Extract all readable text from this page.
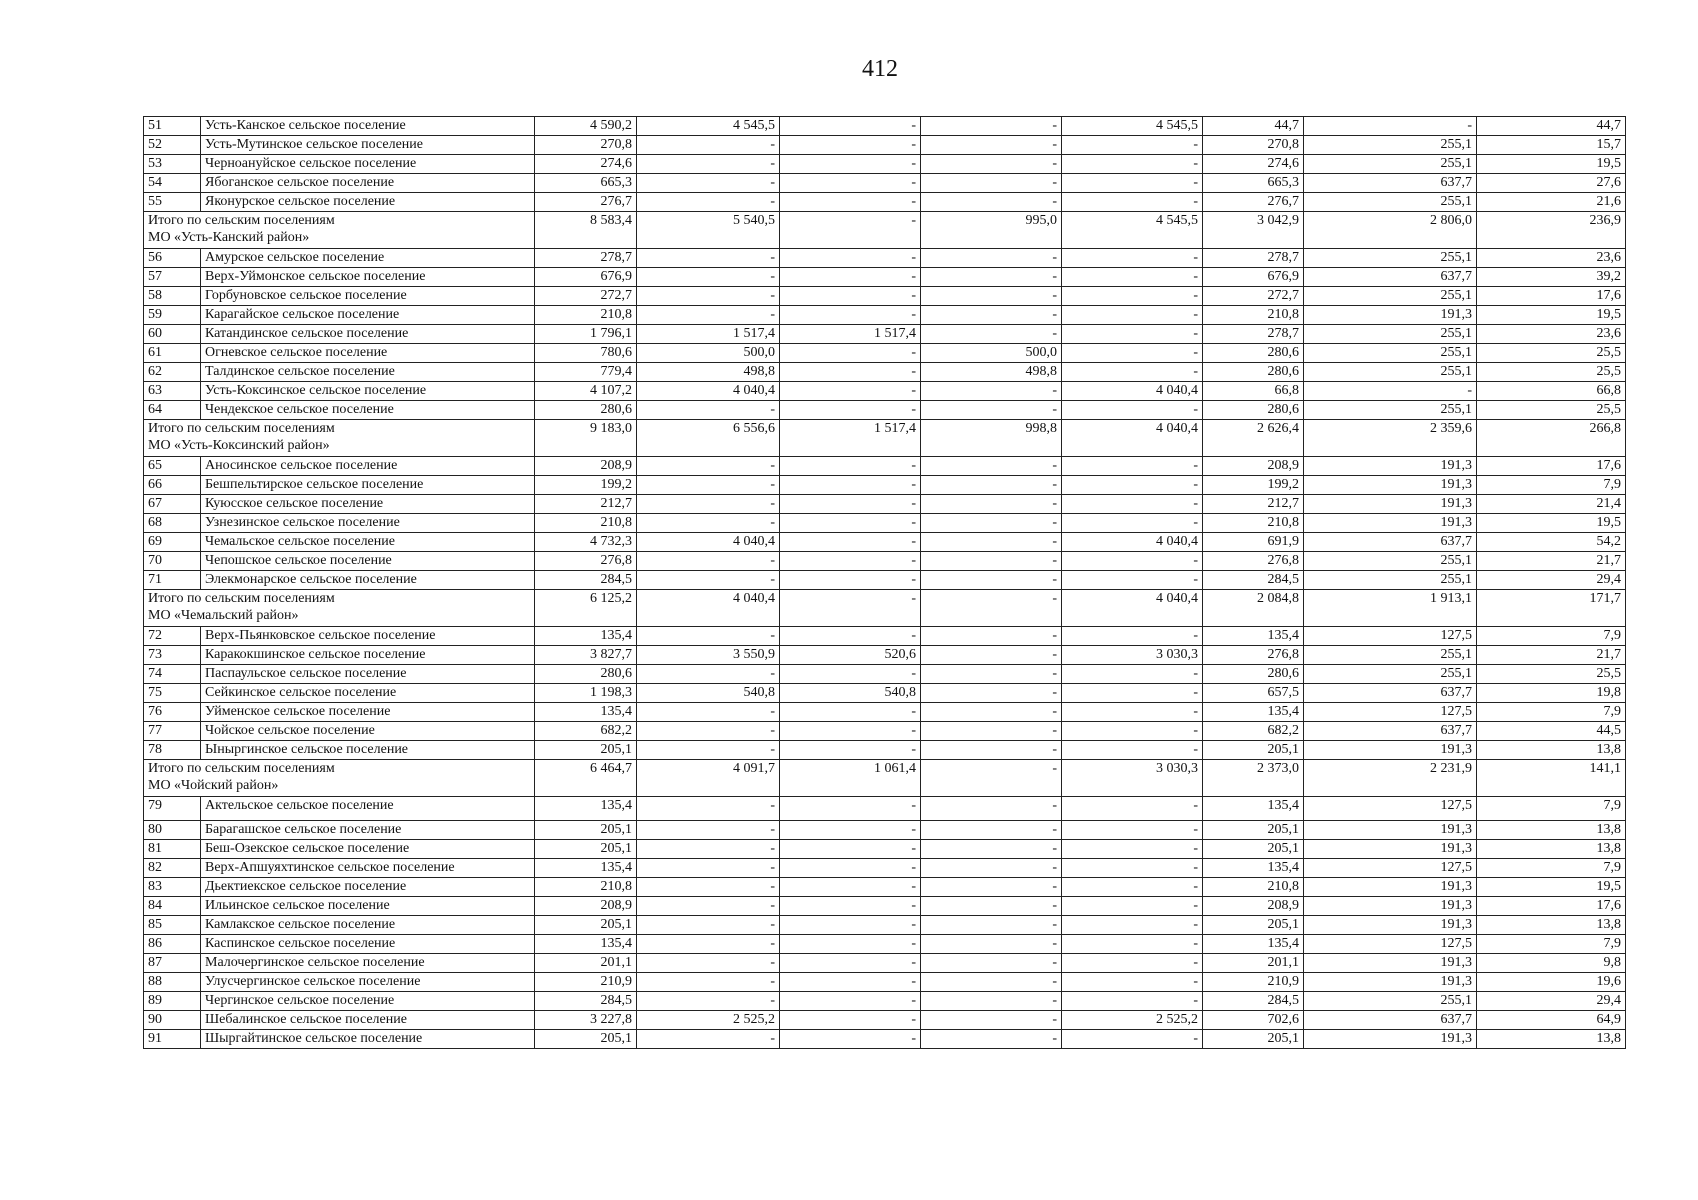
412
51	Усть-Канское сельское поселение	4 590,2	4 545,5	-	-	4 545,5	44,7	-	44,7
52	Усть-Мутинское сельское поселение	270,8	-	-	-	-	270,8	255,1	15,7
53	Черноануйское сельское поселение	274,6	-	-	-	-	274,6	255,1	19,5
54	Ябоганское сельское поселение	665,3	-	-	-	-	665,3	637,7	27,6
55	Яконурское сельское поселение	276,7	-	-	-	-	276,7	255,1	21,6

Итого по сельским поселениям
МО «Усть-Канский район»		8 583,4	5 540,5	-	995,0	4 545,5	3 042,9	2 806,0	236,9
56	Амурское сельское поселение	278,7	-	-	-	-	278,7	255,1	23,6
57	Верх-Уймонское сельское поселение	676,9	-	-	-	-	676,9	637,7	39,2
58	Горбуновское сельское поселение	272,7	-	-	-	-	272,7	255,1	17,6
59	Карагайское сельское поселение	210,8	-	-	-	-	210,8	191,3	19,5
60	Катандинское сельское поселение	1 796,1	1 517,4	1 517,4	-	-	278,7	255,1	23,6
61	Огневское сельское поселение	780,6	500,0	-	500,0	-	280,6	255,1	25,5
62	Талдинское сельское поселение	779,4	498,8	-	498,8	-	280,6	255,1	25,5
63	Усть-Коксинское сельское поселение	4 107,2	4 040,4	-	-	4 040,4	66,8	-	66,8
64	Чендекское сельское поселение	280,6	-	-	-	-	280,6	255,1	25,5

Итого по сельским поселениям
МО «Усть-Коксинский район»		9 183,0	6 556,6	1 517,4	998,8	4 040,4	2 626,4	2 359,6	266,8
65	Аносинское сельское поселение	208,9	-	-	-	-	208,9	191,3	17,6
66	Бешпельтирское сельское поселение	199,2	-	-	-	-	199,2	191,3	7,9
67	Куюсское сельское поселение	212,7	-	-	-	-	212,7	191,3	21,4
68	Узнезинское сельское поселение	210,8	-	-	-	-	210,8	191,3	19,5
69	Чемальское сельское поселение	4 732,3	4 040,4	-	-	4 040,4	691,9	637,7	54,2
70	Чепошское сельское поселение	276,8	-	-	-	-	276,8	255,1	21,7
71	Элекмонарское сельское поселение	284,5	-	-	-	-	284,5	255,1	29,4

Итого по сельским поселениям
МО «Чемальский район»		6 125,2	4 040,4	-	-	4 040,4	2 084,8	1 913,1	171,7
72	Верх-Пьянковское сельское поселение	135,4	-	-	-	-	135,4	127,5	7,9
73	Каракокшинское сельское поселение	3 827,7	3 550,9	520,6	-	3 030,3	276,8	255,1	21,7
74	Паспаульское сельское поселение	280,6	-	-	-	-	280,6	255,1	25,5
75	Сейкинское сельское поселение	1 198,3	540,8	540,8	-	-	657,5	637,7	19,8
76	Уйменское сельское поселение	135,4	-	-	-	-	135,4	127,5	7,9
77	Чойское сельское поселение	682,2	-	-	-	-	682,2	637,7	44,5
78	Ыныргинское сельское поселение	205,1	-	-	-	-	205,1	191,3	13,8

Итого по сельским поселениям
МО «Чойский район»		6 464,7	4 091,7	1 061,4	-	3 030,3	2 373,0	2 231,9	141,1
79	Актельское сельское поселение	135,4	-	-	-	-	135,4	127,5	7,9
80	Барагашское сельское поселение	205,1	-	-	-	-	205,1	191,3	13,8
81	Беш-Озекское сельское поселение	205,1	-	-	-	-	205,1	191,3	13,8
82	Верх-Апшуяхтинское сельское поселение	135,4	-	-	-	-	135,4	127,5	7,9
83	Дьектиекское сельское поселение	210,8	-	-	-	-	210,8	191,3	19,5
84	Ильинское сельское поселение	208,9	-	-	-	-	208,9	191,3	17,6
85	Камлакское сельское поселение	205,1	-	-	-	-	205,1	191,3	13,8
86	Каспинское сельское поселение	135,4	-	-	-	-	135,4	127,5	7,9
87	Малочергинское сельское поселение	201,1	-	-	-	-	201,1	191,3	9,8
88	Улусчергинское сельское поселение	210,9	-	-	-	-	210,9	191,3	19,6
89	Чергинское сельское поселение	284,5	-	-	-	-	284,5	255,1	29,4
90	Шебалинское сельское поселение	3 227,8	2 525,2	-	-	2 525,2	702,6	637,7	64,9
91	Шыргайтинское сельское поселение	205,1	-	-	-	-	205,1	191,3	13,8
